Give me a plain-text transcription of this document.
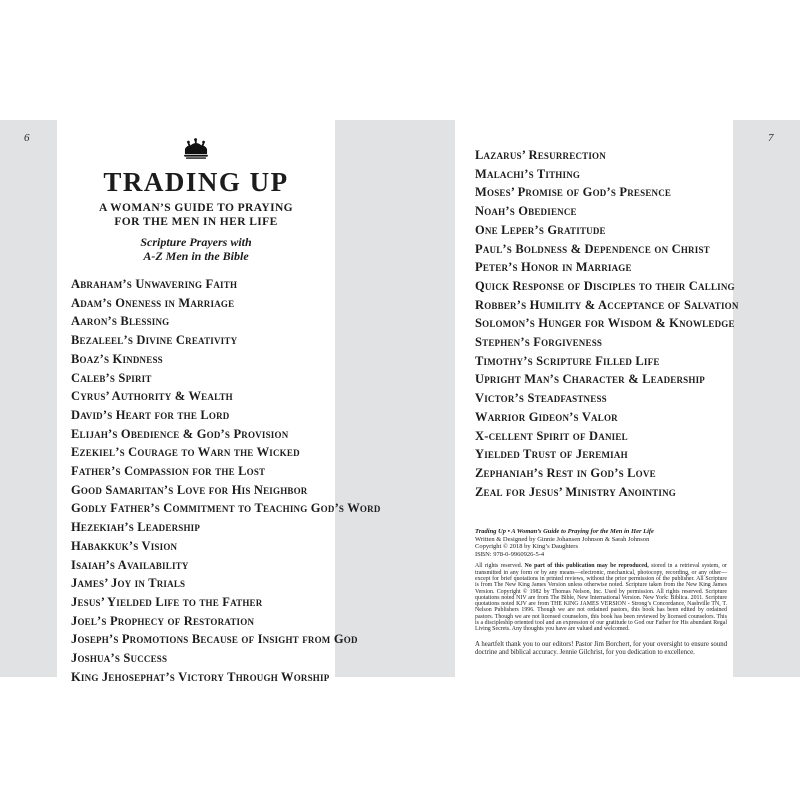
6	7
TRADING UP
A WOMAN’S GUIDE TO PRAYING
FOR THE MEN IN HER LIFE
Scripture Prayers with
A-Z Men in the Bible
Abraham’s Unwavering Faith
Adam’s Oneness in Marriage
Aaron’s Blessing
Bezaleel’s Divine Creativity
Boaz’s Kindness
Caleb’s Spirit
Cyrus’ Authority & Wealth
David’s Heart for the Lord
Elijah’s Obedience & God’s Provision
Ezekiel’s Courage to Warn the Wicked
Father’s Compassion for the Lost
Good Samaritan’s Love for His Neighbor
Godly Father’s Commitment to Teaching God’s Word
Hezekiah’s Leadership
Habakkuk’s Vision
Isaiah’s Availability
James’ Joy in Trials
Jesus’ Yielded Life to the Father
Joel’s Prophecy of Restoration
Joseph’s Promotions Because of Insight from God
Joshua’s Success
King Jehosephat’s Victory Through Worship
Lazarus’ Resurrection
Malachi’s Tithing
Moses’ Promise of God’s Presence
Noah’s Obedience
One Leper’s Gratitude
Paul’s Boldness & Dependence on Christ
Peter’s Honor in Marriage
Quick Response of Disciples to their Calling
Robber’s Humility & Acceptance of Salvation
Solomon’s Hunger for Wisdom & Knowledge
Stephen’s Forgiveness
Timothy’s Scripture Filled Life
Upright Man’s Character & Leadership
Victor’s Steadfastness
Warrior Gideon’s Valor
X-cellent Spirit of Daniel
Yielded Trust of Jeremiah
Zephaniah’s Rest in God’s Love
Zeal for Jesus’ Ministry Anointing
Trading Up • A Woman’s Guide to Praying for the Men in Her Life
Written & Designed by Ginnie Johansen Johnson & Sarah Johnson
Copyright © 2018 by King’s Daughters
ISBN: 978-0-9960926-5-4
All rights reserved. No part of this publication may be reproduced, stored in a retrieval system, or transmitted in any form or by any means—electronic, mechanical, photocopy, recording, or any other—except for brief quotations in printed reviews, without the prior permission of the publisher. All Scripture is from The New King James Version unless otherwise noted. Scripture taken from the New King James Version. Copyright © 1982 by Thomas Nelson, Inc. Used by permission. All rights reserved. Scripture quotations noted NIV are from The Bible, New International Version. New York: Biblica. 2011. Scripture quotations noted KJV are from THE KING JAMES VERSION - Strong’s Concordance, Nashville TN, T. Nelson Publishers 1996. Though we are not ordained pastors, this book has been edited by ordained pastors. Though we are not licensed counselors, this book has been reviewed by licensed counselors. This is a discipleship oriented tool and an expression of our gratitude to God our Father for His abundant Regal Living Secrets. Any thoughts you have are valued and welcomed.
A heartfelt thank you to our editors! Pastor Jim Borchert, for your oversight to ensure sound doctrine and biblical accuracy. Jennie Gilchrist, for you dedication to excellence.
